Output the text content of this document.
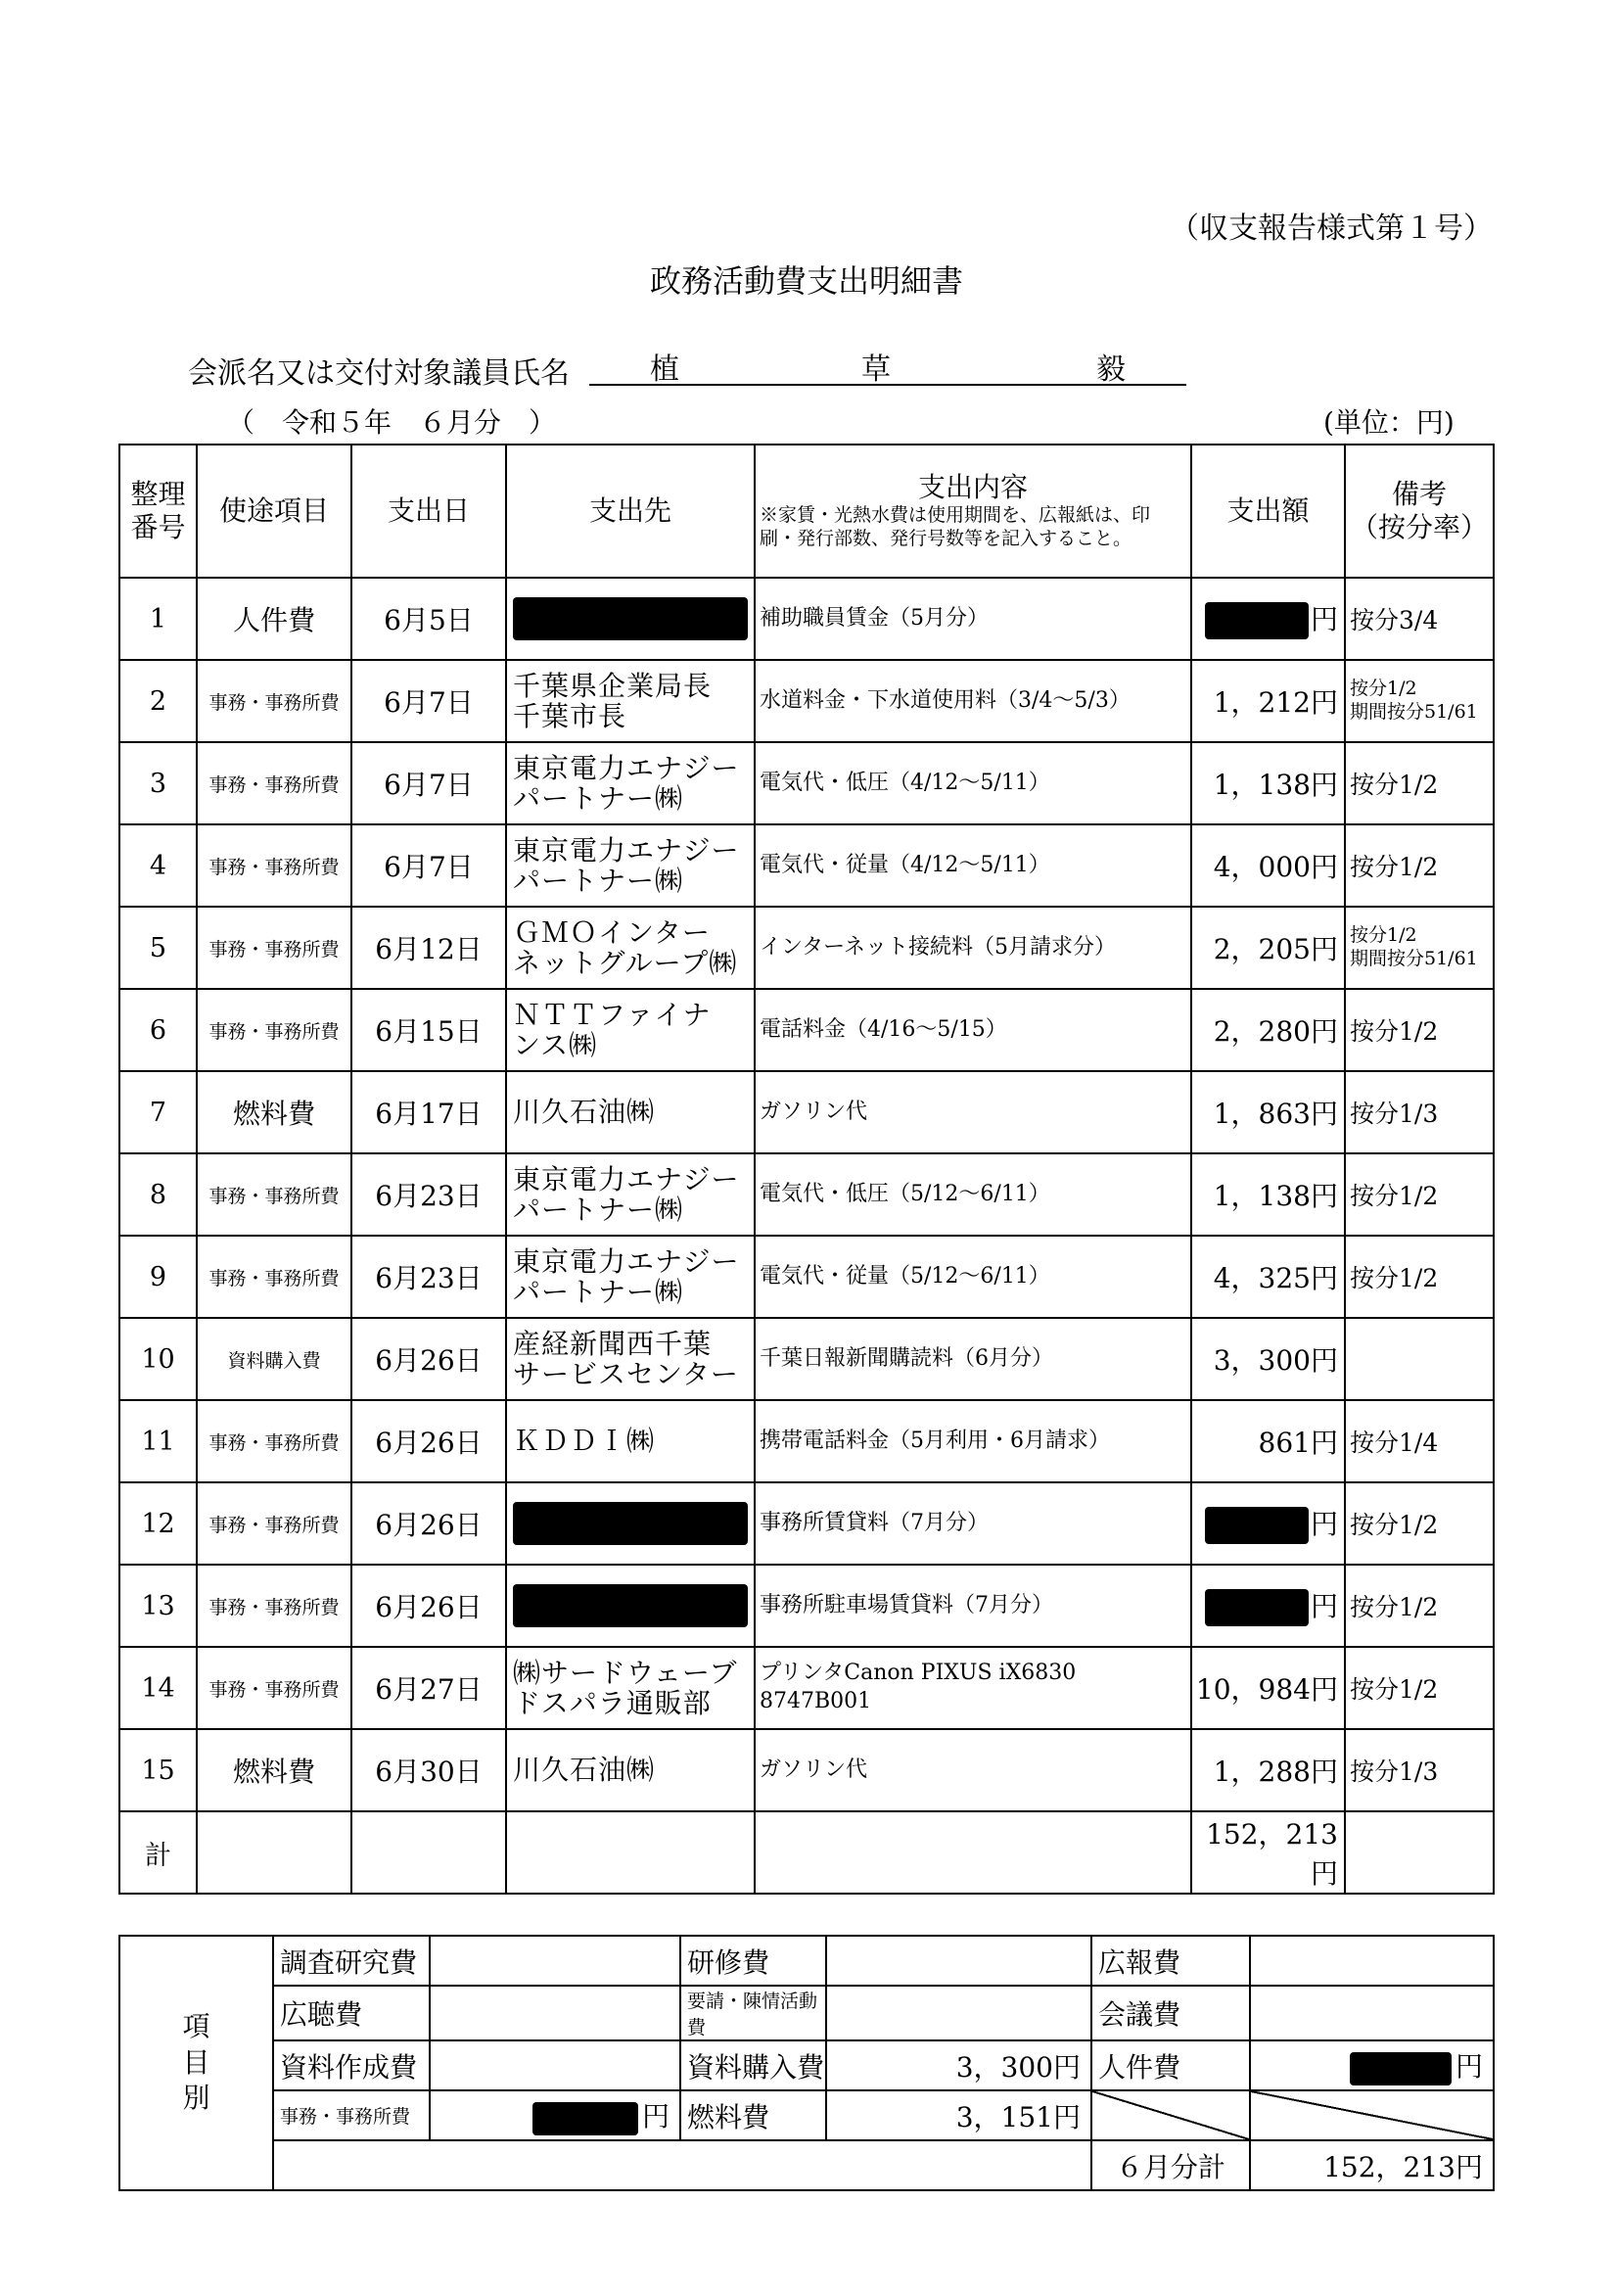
（収支報告様式第１号）
政務活動費支出明細書
会派名又は交付対象議員氏名	植	草	毅
（　令和５年　６月分　）	(単位：円)
整理
番号	使途項目	支出日	支出先	支出内容
※家賃・光熱水費は使用期間を、広報紙は、印刷・発行部数、発行号数等を記入すること。	支出額	備考
（按分率）
1	人件費	6月5日		補助職員賃金（5月分）	円	按分3/4
2	事務・事務所費	6月7日	千葉県企業局長
千葉市長	水道料金・下水道使用料（3/4～5/3）	1，212円	按分1/2
期間按分51/61
3	事務・事務所費	6月7日	東京電力エナジー
パートナー㈱	電気代・低圧（4/12～5/11）	1，138円	按分1/2
4	事務・事務所費	6月7日	東京電力エナジー
パートナー㈱	電気代・従量（4/12～5/11）	4，000円	按分1/2
5	事務・事務所費	6月12日	ＧＭＯインター
ネットグループ㈱	インターネット接続料（5月請求分）	2，205円	按分1/2
期間按分51/61
6	事務・事務所費	6月15日	ＮＴＴファイナ
ンス㈱	電話料金（4/16～5/15）	2，280円	按分1/2
7	燃料費	6月17日	川久石油㈱	ガソリン代	1，863円	按分1/3
8	事務・事務所費	6月23日	東京電力エナジー
パートナー㈱	電気代・低圧（5/12～6/11）	1，138円	按分1/2
9	事務・事務所費	6月23日	東京電力エナジー
パートナー㈱	電気代・従量（5/12～6/11）	4，325円	按分1/2
10	資料購入費	6月26日	産経新聞西千葉
サービスセンター	千葉日報新聞購読料（6月分）	3，300円	
11	事務・事務所費	6月26日	ＫＤＤＩ㈱	携帯電話料金（5月利用・6月請求）	861円	按分1/4
12	事務・事務所費	6月26日		事務所賃貸料（7月分）	円	按分1/2
13	事務・事務所費	6月26日		事務所駐車場賃貸料（7月分）	円	按分1/2
14	事務・事務所費	6月27日	㈱サードウェーブ
ドスパラ通販部	プリンタCanon PIXUS iX6830
8747B001	10，984円	按分1/2
15	燃料費	6月30日	川久石油㈱	ガソリン代	1，288円	按分1/3
計					152，213円	
項
目
別	調査研究費		研修費		広報費	
	広聴費		要請・陳情活動費		会議費	
	資料作成費		資料購入費	3，300円	人件費	円
	事務・事務所費	円	燃料費	3，151円		
					６月分計	152，213円
